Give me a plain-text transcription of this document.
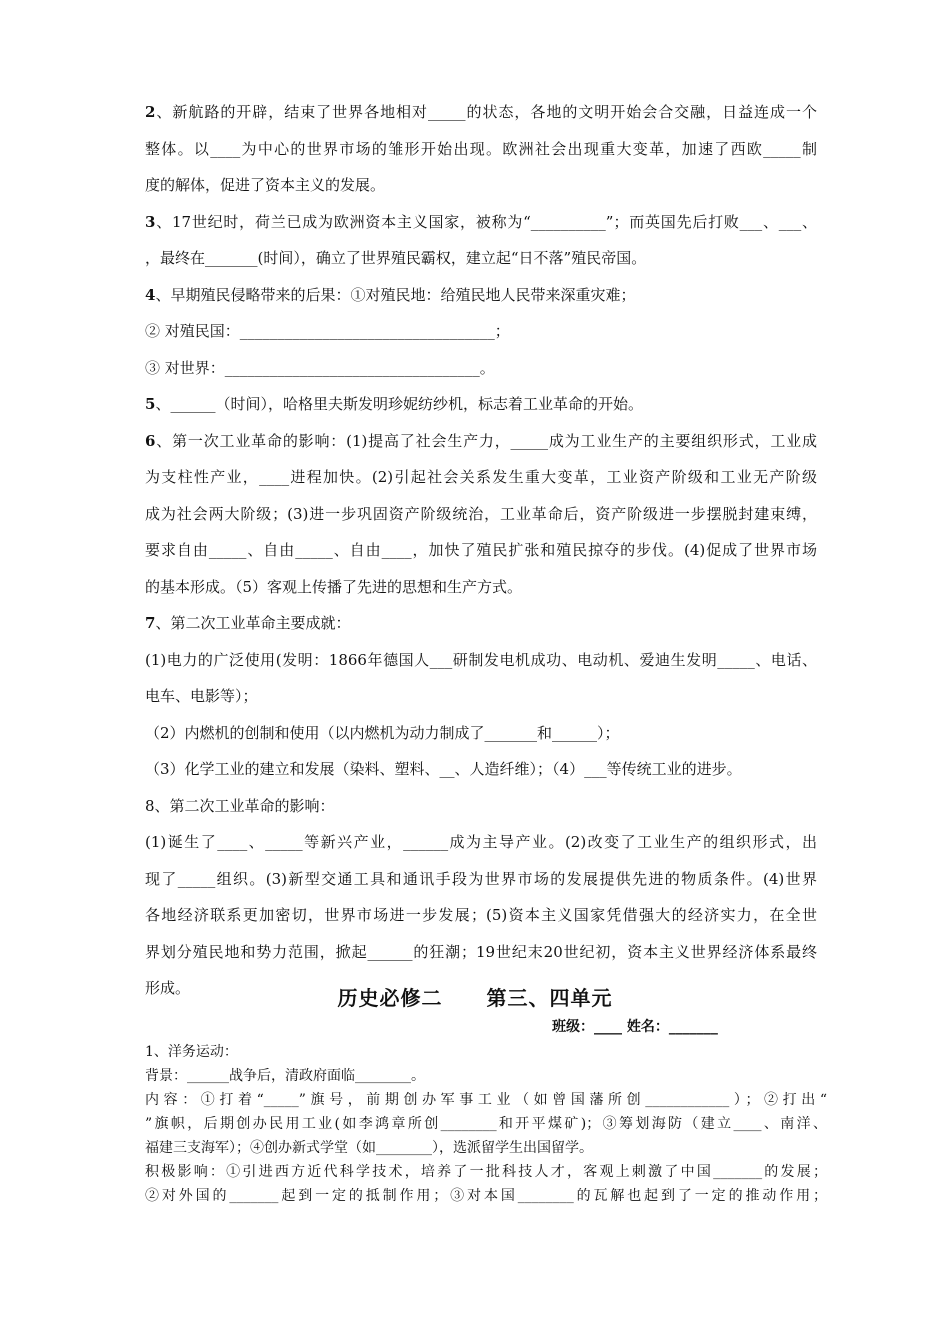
2、新航路的开辟，结束了世界各地相对_____的状态，各地的文明开始会合交融，日益连成一个

整体。以____为中心的世界市场的雏形开始出现。欧洲社会出现重大变革，加速了西欧_____制

度的解体，促进了资本主义的发展。

3、17世纪时，荷兰已成为欧洲资本主义国家，被称为“__________”；而英国先后打败___、___、

，最终在_______(时间），确立了世界殖民霸权，建立起“日不落”殖民帝国。

4、早期殖民侵略带来的后果：①对殖民地：给殖民地人民带来深重灾难；

② 对殖民国：__________________________________；

③ 对世界：__________________________________。

5、______（时间），哈格里夫斯发明珍妮纺纱机，标志着工业革命的开始。

6、第一次工业革命的影响：(1)提高了社会生产力，_____成为工业生产的主要组织形式，工业成

为支柱性产业，____进程加快。(2)引起社会关系发生重大变革，工业资产阶级和工业无产阶级

成为社会两大阶级；(3)进一步巩固资产阶级统治，工业革命后，资产阶级进一步摆脱封建束缚，

要求自由_____、自由_____、自由____，加快了殖民扩张和殖民掠夺的步伐。(4)促成了世界市场

的基本形成。（5）客观上传播了先进的思想和生产方式。

7、第二次工业革命主要成就：

(1)电力的广泛使用(发明：1866年德国人___研制发电机成功、电动机、爱迪生发明_____、电话、

电车、电影等）；

（2）内燃机的创制和使用（以内燃机为动力制成了_______和______）；

（3）化学工业的建立和发展（染料、塑料、__、人造纤维）；（4）___等传统工业的进步。

8、第二次工业革命的影响：

(1)诞生了____、_____等新兴产业，______成为主导产业。(2)改变了工业生产的组织形式，出

现了_____组织。(3)新型交通工具和通讯手段为世界市场的发展提供先进的物质条件。(4)世界

各地经济联系更加密切，世界市场进一步发展；(5)资本主义国家凭借强大的经济实力，在全世

界划分殖民地和势力范围，掀起______的狂潮；19世纪末20世纪初，资本主义世界经济体系最终

形成。	历史必修二 第三、四单元
班级：____ 姓名：_______

1、洋务运动：

背景：______战争后，清政府面临________。

内容：①打着“_____”旗号，前期创办军事工业（如曾国藩所创____________）；②打出“

”旗帜，后期创办民用工业(如李鸿章所创________和开平煤矿)；③筹划海防（建立____、南洋、

福建三支海军）；④创办新式学堂（如________），选派留学生出国留学。

积极影响：①引进西方近代科学技术，培养了一批科技人才，客观上刺激了中国_______的发展；

②对外国的_______起到一定的抵制作用；③对本国________的瓦解也起到了一定的推动作用；
